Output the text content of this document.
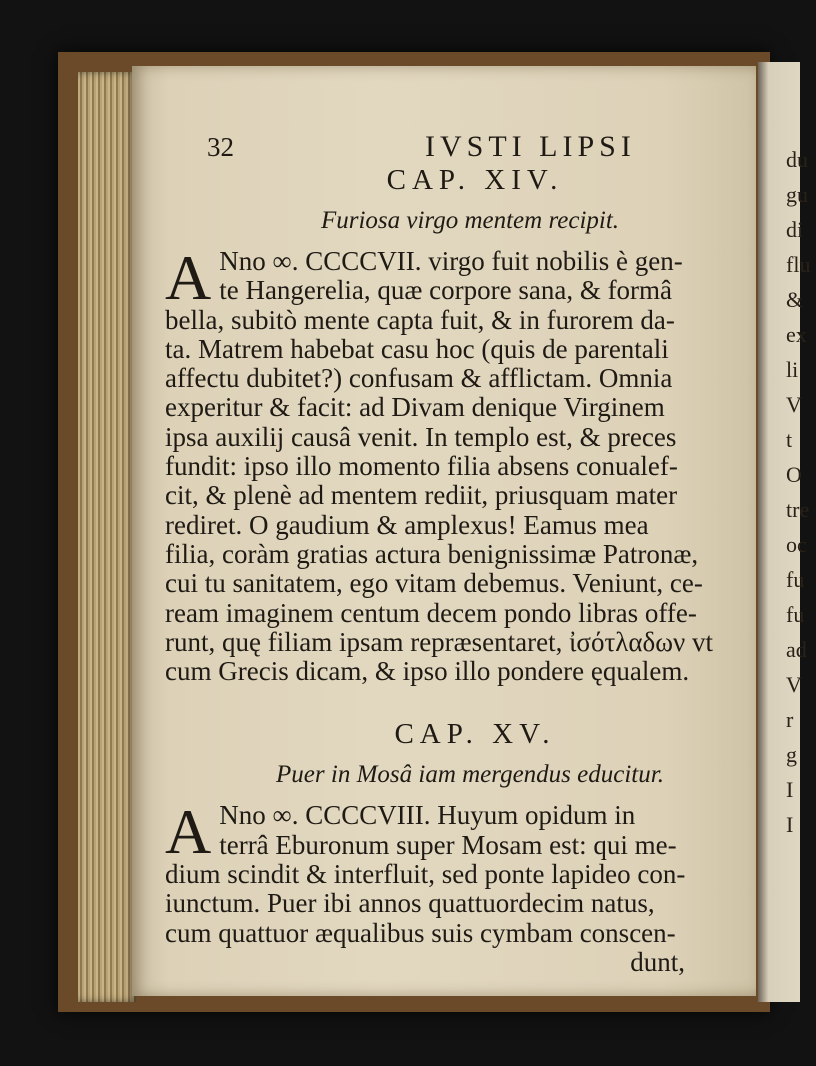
du
gu
di
flu
&
ex
li
V
t
O
tre
oc
fu
fu
ad
V
r
g
I
I
32	IVSTI LIPSI
CAP. XIV.
Furiosa virgo mentem recipit.
A Nno ∞. CCCCVII. virgo fuit nobilis è gen-
te Hangerelia, quæ corpore sana, & formâ
bella, subitò mente capta fuit, & in furorem da-
ta. Matrem habebat casu hoc (quis de parentali
affectu dubitet?) confusam & afflictam. Omnia
experitur & facit: ad Divam denique Virginem
ipsa auxilij causâ venit. In templo est, & preces
fundit: ipso illo momento filia absens conualef-
cit, & plenè ad mentem rediit, priusquam mater
rediret. O gaudium & amplexus! Eamus mea
filia, coràm gratias actura benignissimæ Patronæ,
cui tu sanitatem, ego vitam debemus. Veniunt, ce-
ream imaginem centum decem pondo libras offe-
runt, quę filiam ipsam repræsentaret, ἰσότλαδων vt
cum Grecis dicam, & ipso illo pondere ęqualem.
CAP. XV.
Puer in Mosâ iam mergendus educitur.
A Nno ∞. CCCCVIII. Huyum opidum in
terrâ Eburonum super Mosam est: qui me-
dium scindit & interfluit, sed ponte lapideo con-
iunctum. Puer ibi annos quattuordecim natus,
cum quattuor æqualibus suis cymbam conscen-
dunt,
